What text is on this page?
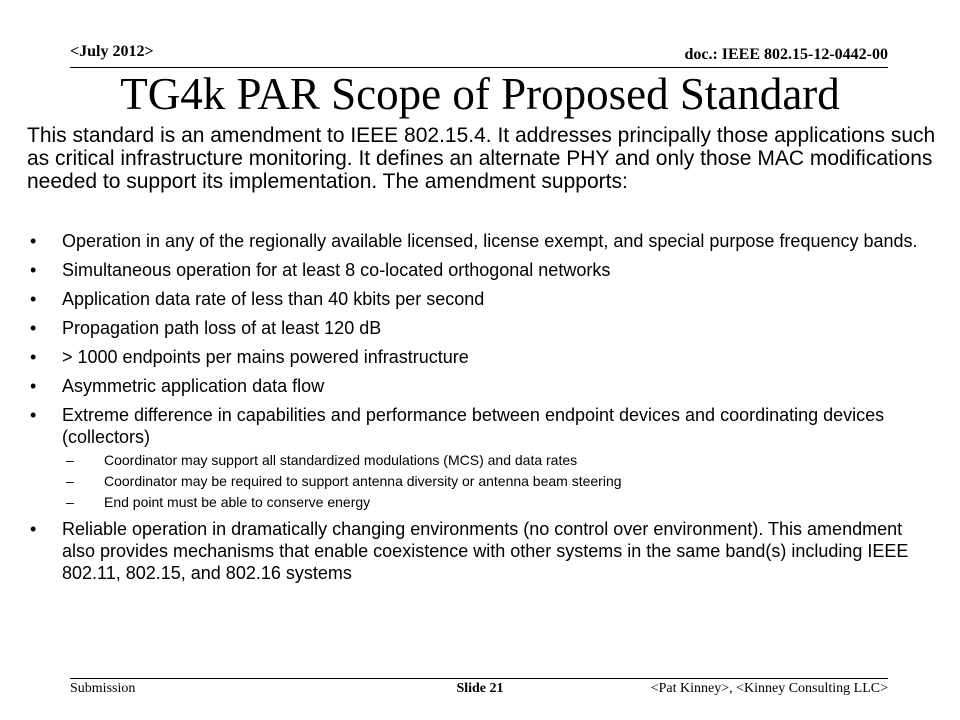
<July 2012>	doc.: IEEE 802.15-12-0442-00
TG4k PAR Scope of Proposed Standard

This standard is an amendment to IEEE 802.15.4. It addresses principally those applications such as critical infrastructure monitoring. It defines an alternate PHY and only those MAC modifications needed to support its implementation. The amendment supports:

• Operation in any of the regionally available licensed, license exempt, and special purpose frequency bands.
• Simultaneous operation for at least 8 co-located orthogonal networks
• Application data rate of less than 40 kbits per second
• Propagation path loss of at least 120 dB
• > 1000 endpoints per mains powered infrastructure
• Asymmetric application data flow
• Extreme difference in capabilities and performance between endpoint devices and coordinating devices (collectors)
– Coordinator may support all standardized modulations (MCS) and data rates
– Coordinator may be required to support antenna diversity or antenna beam steering
– End point must be able to conserve energy
• Reliable operation in dramatically changing environments (no control over environment). This amendment also provides mechanisms that enable coexistence with other systems in the same band(s) including IEEE 802.11, 802.15, and 802.16 systems
Submission	Slide 21	<Pat Kinney>, <Kinney Consulting LLC>
